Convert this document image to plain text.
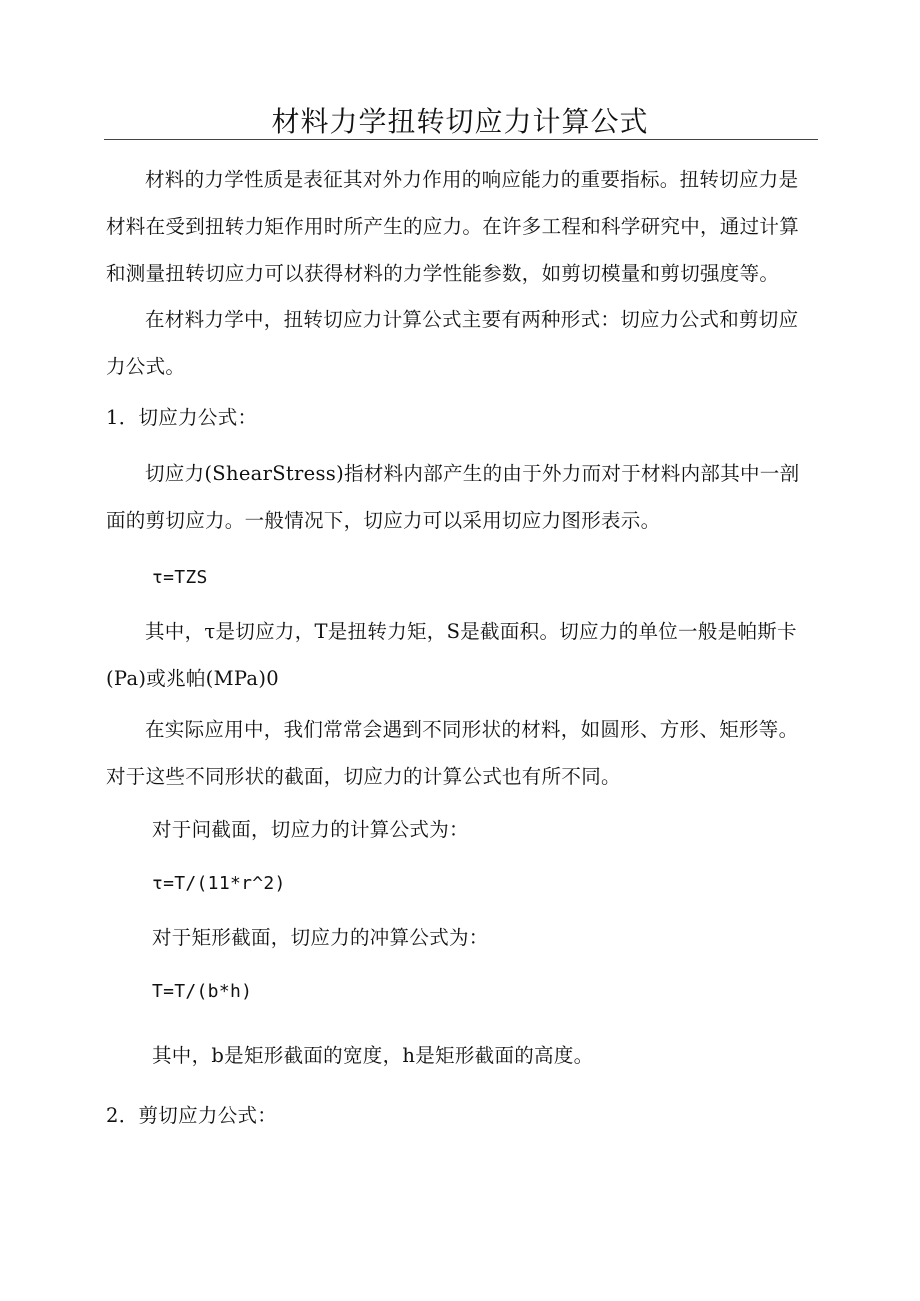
材料力学扭转切应力计算公式

材料的力学性质是表征其对外力作用的响应能力的重要指标。扭转切应力是材料在受到扭转力矩作用时所产生的应力。在许多工程和科学研究中，通过计算和测量扭转切应力可以获得材料的力学性能参数，如剪切模量和剪切强度等。

在材料力学中，扭转切应力计算公式主要有两种形式：切应力公式和剪切应力公式。

1．切应力公式：

切应力(ShearStress)指材料内部产生的由于外力而对于材料内部其中一剖面的剪切应力。一般情况下，切应力可以采用切应力图形表示。

τ=TZS

其中，τ是切应力，T是扭转力矩，S是截面积。切应力的单位一般是帕斯卡(Pa)或兆帕(MPa)0

在实际应用中，我们常常会遇到不同形状的材料，如圆形、方形、矩形等。对于这些不同形状的截面，切应力的计算公式也有所不同。

对于问截面，切应力的计算公式为：

τ=T/(11*r^2)

对于矩形截面，切应力的冲算公式为：

T=T/(b*h)

其中，b是矩形截面的宽度，h是矩形截面的高度。

2．剪切应力公式：
